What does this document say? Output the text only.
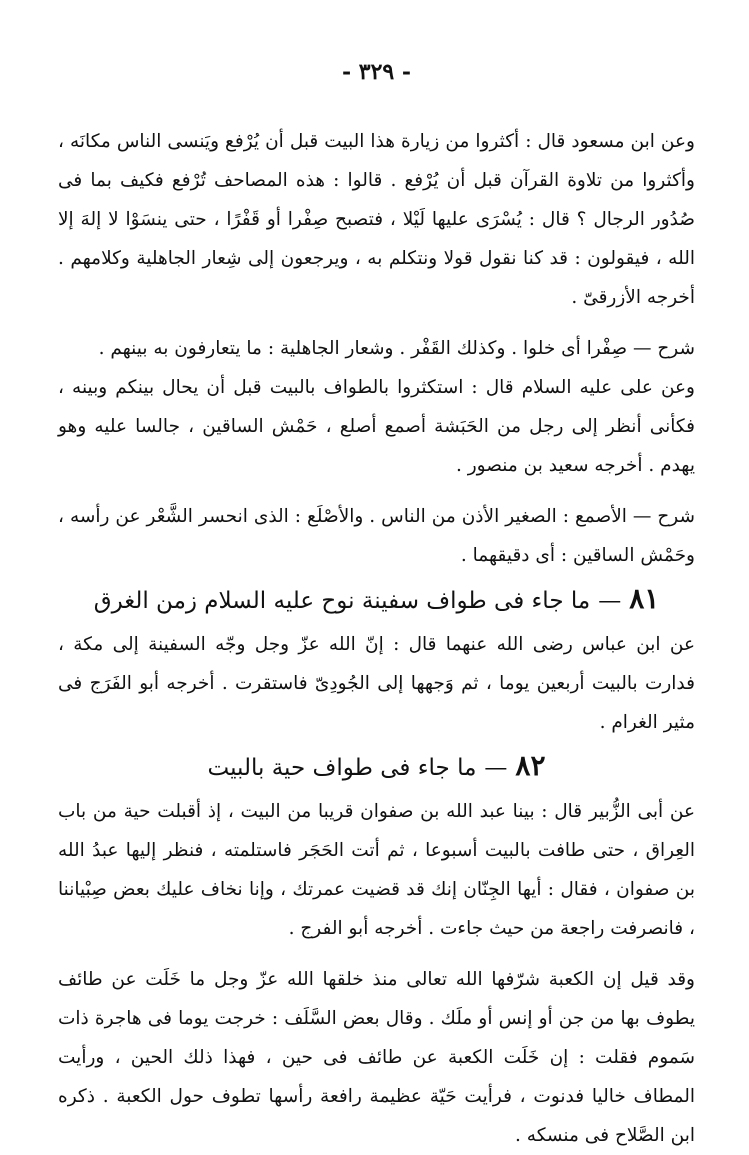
- ٣٢٩ -

وعن ابن مسعود قال : أكثروا من زيارة هذا البيت قبل أن يُرْفع ويَنسى الناس مكانَه ، وأكثروا من تلاوة القرآن قبل أن يُرْفع . قالوا : هذه المصاحف تُرْفع فكيف بما فى صُدُور الرجال ؟ قال : يُسْرَى عليها لَيْلا ، فتصبح صِفْرا أو قَفْرًا ، حتى ينسَوْا لا إلهَ إلا الله ، فيقولون : قد كنا نقول قولا ونتكلم به ، ويرجعون إلى شِعار الجاهلية وكلامهم . أخرجه الأزرقىّ .

شرح — صِفْرا أى خلوا . وكذلك القَفْر . وشعار الجاهلية : ما يتعارفون به بينهم .

وعن على عليه السلام قال : استكثروا بالطواف بالبيت قبل أن يحال بينكم وبينه ، فكأنى أنظر إلى رجل من الحَبَشة أصمع أصلع ، حَمْش الساقين ، جالسا عليه وهو يهدم . أخرجه سعيد بن منصور .

شرح — الأصمع : الصغير الأذن من الناس . والأصْلَع : الذى انحسر الشَّعْر عن رأسه ، وحَمْش الساقين : أى دقيقهما .

٨١—ما جاء فى طواف سفينة نوح عليه السلام زمن الغرق

عن ابن عباس رضى الله عنهما قال : إنّ الله عزّ وجل وجّه السفينة إلى مكة ، فدارت بالبيت أربعين يوما ، ثم وَجهها إلى الجُودِىّ فاستقرت . أخرجه أبو الفَرَج فى مثير الغرام .

٨٢—ما جاء فى طواف حية بالبيت

عن أبى الزُّبير قال : بينا عبد الله بن صفوان قريبا من البيت ، إذ أقبلت حية من باب العِراق ، حتى طافت بالبيت أسبوعا ، ثم أتت الحَجَر فاستلمته ، فنظر إليها عبدُ الله بن صفوان ، فقال : أيها الجِنّان إنك قد قضيت عمرتك ، وإنا نخاف عليك بعض صِبْياننا ، فانصرفت راجعة من حيث جاءت . أخرجه أبو الفرج .

وقد قيل إن الكعبة شرّفها الله تعالى منذ خلقها الله عزّ وجل ما خَلَت عن طائف يطوف بها من جن أو إنس أو ملَك . وقال بعض السَّلَف : خرجت يوما فى هاجرة ذات سَموم فقلت : إن خَلَت الكعبة عن طائف فى حين ، فهذا ذلك الحين ، ورأيت المطاف خاليا فدنوت ، فرأيت حَيّة عظيمة رافعة رأسها تطوف حول الكعبة . ذكره ابن الصَّلاح فى منسكه .
